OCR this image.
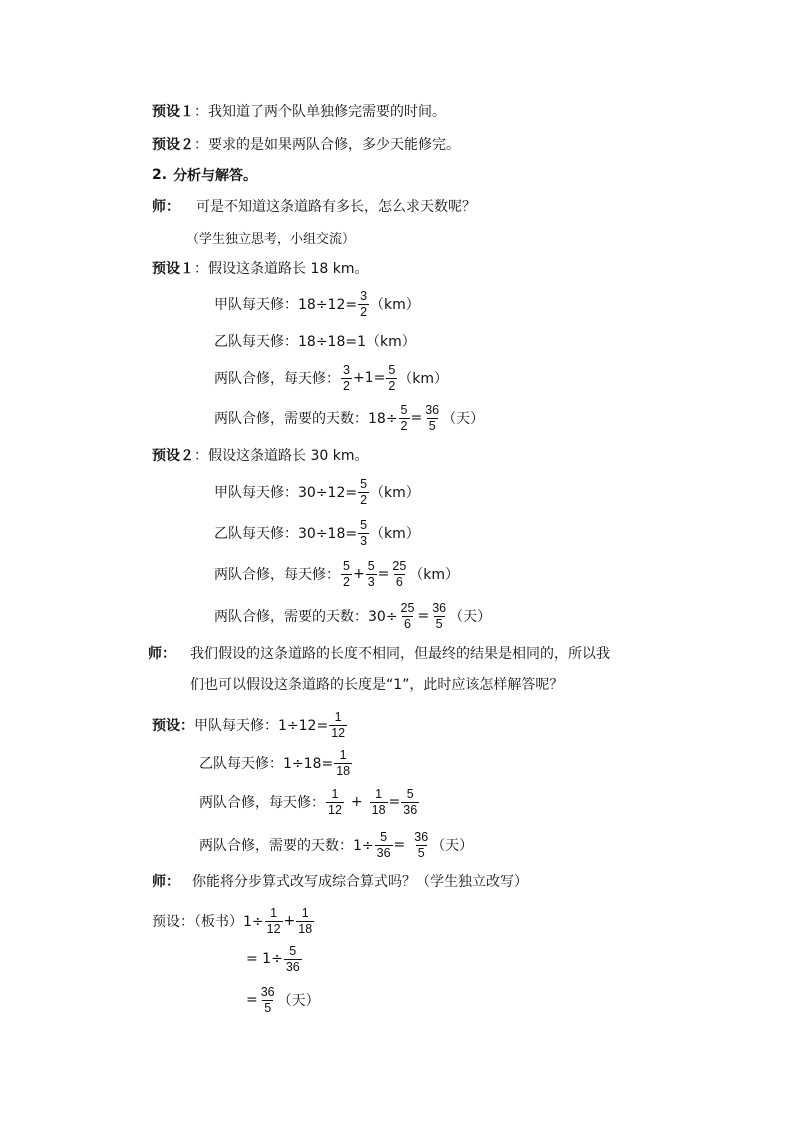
预设１ ：我知道了两个队单独修完需要的时间。
预设２ ：要求的是如果两队合修，多少天能修完。
2. 分析与解答。
师：	可是不知道这条道路有多长，怎么求天数呢？
（学生独立思考，小组交流）
预设１ ：假设这条道路长 18 km。
甲队每天修：$18\div 12= \frac{3}{2} (km)$
乙队每天修：18÷18=1（km）
两队合修，每天修： $\frac{3}{2} +1= \frac{5}{2} (km)$
两队合修，需要的天数：$18\div \frac{5}{2} = \frac{36}{5}$ （天）
预设２ ：假设这条道路长 30 km。
甲队每天修：$30\div 12= \frac{5}{2} (km)$
乙队每天修：$30\div 18= \frac{5}{3} (km)$
两队合修，每天修： $\frac{5}{2} + \frac{5}{3} = \frac{25}{6} (km)$
两队合修，需要的天数：$30\div \frac{25}{6} = \frac{36}{5}$ （天）
师：	我们假设的这条道路的长度不相同，但最终的结果是相同的，所以我
们也可以假设这条道路的长度是“1”，此时应该怎样解答呢？
预设： 甲队每天修：$1\div 12= \frac{1}{12}$
乙队每天修：$1\div 18= \frac{1}{18}$
两队合修，每天修： $\frac{1}{12} + \frac{1}{18} = \frac{5}{36}$
两队合修，需要的天数：$1\div \frac{5}{36} = \frac{36}{5}$ （天）
师： 你能将分步算式改写成综合算式吗？（学生独立改写）
预设：（板书）$1\div \frac{1}{12} + \frac{1}{18}$
= $1\div \frac{5}{36}$
= $\frac{36}{5}$ （天）
